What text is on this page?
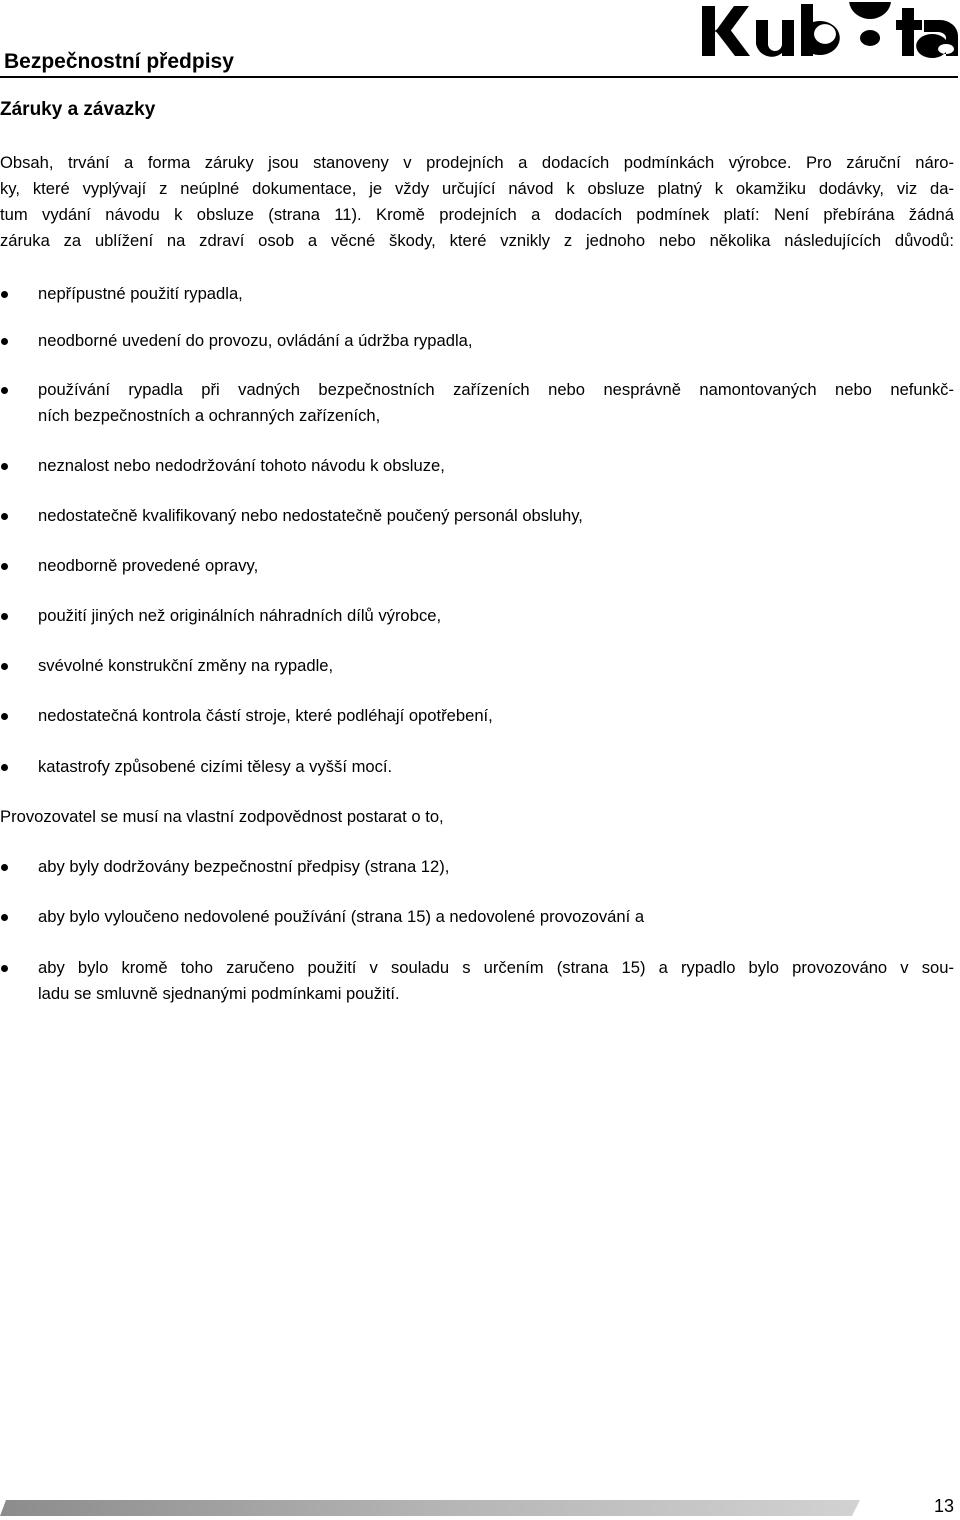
Bezpečnostní předpisy
Záruky a závazky
Obsah, trvání a forma záruky jsou stanoveny v prodejních a dodacích podmínkách výrobce. Pro záruční náro-
ky, které vyplývají z neúplné dokumentace, je vždy určující návod k obsluze platný k okamžiku dodávky, viz da-
tum vydání návodu k obsluze (strana 11). Kromě prodejních a dodacích podmínek platí: Není přebírána žádná
záruka za ublížení na zdraví osob a věcné škody, které vznikly z jednoho nebo několika následujících důvodů:
nepřípustné použití rypadla,
neodborné uvedení do provozu, ovládání a údržba rypadla,
používání rypadla při vadných bezpečnostních zařízeních nebo nesprávně namontovaných nebo nefunkč-
ních bezpečnostních a ochranných zařízeních,
neznalost nebo nedodržování tohoto návodu k obsluze,
nedostatečně kvalifikovaný nebo nedostatečně poučený personál obsluhy,
neodborně provedené opravy,
použití jiných než originálních náhradních dílů výrobce,
svévolné konstrukční změny na rypadle,
nedostatečná kontrola částí stroje, které podléhají opotřebení,
katastrofy způsobené cizími tělesy a vyšší mocí.
Provozovatel se musí na vlastní zodpovědnost postarat o to,
aby byly dodržovány bezpečnostní předpisy (strana 12),
aby bylo vyloučeno nedovolené používání (strana 15) a nedovolené provozování a
aby bylo kromě toho zaručeno použití v souladu s určením (strana 15) a rypadlo bylo provozováno v sou-
ladu se smluvně sjednanými podmínkami použití.
13
